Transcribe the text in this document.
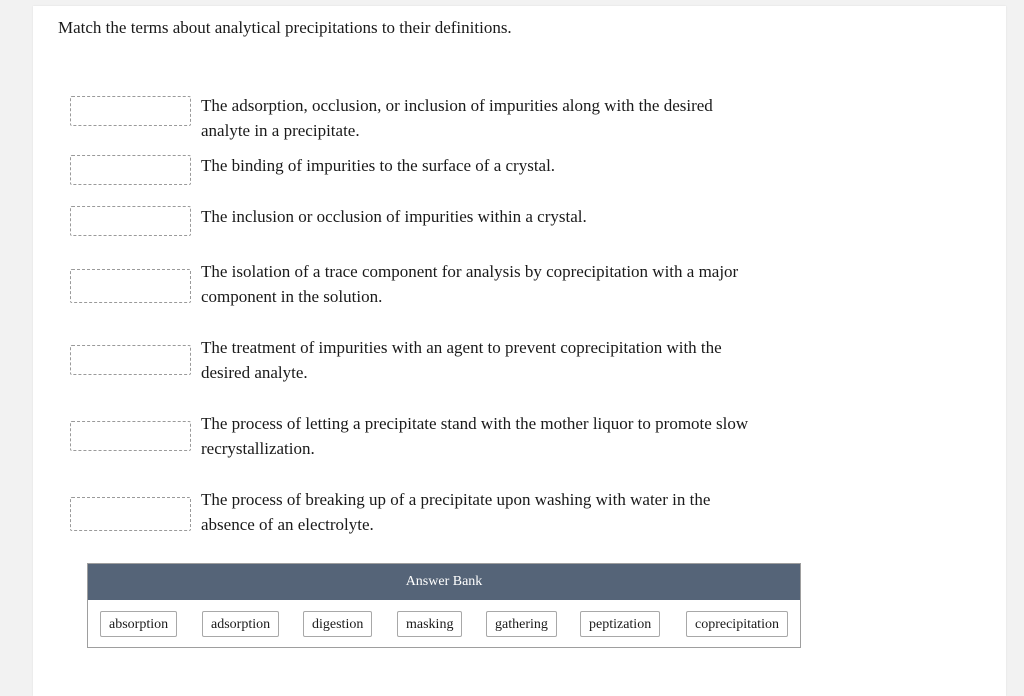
Match the terms about analytical precipitations to their definitions.

The adsorption, occlusion, or inclusion of impurities along with the desired analyte in a precipitate.
The binding of impurities to the surface of a crystal.
The inclusion or occlusion of impurities within a crystal.
The isolation of a trace component for analysis by coprecipitation with a major component in the solution.
The treatment of impurities with an agent to prevent coprecipitation with the desired analyte.
The process of letting a precipitate stand with the mother liquor to promote slow recrystallization.
The process of breaking up of a precipitate upon washing with water in the absence of an electrolyte.
Answer Bank
absorption	adsorption	digestion	masking	gathering	peptization	coprecipitation
